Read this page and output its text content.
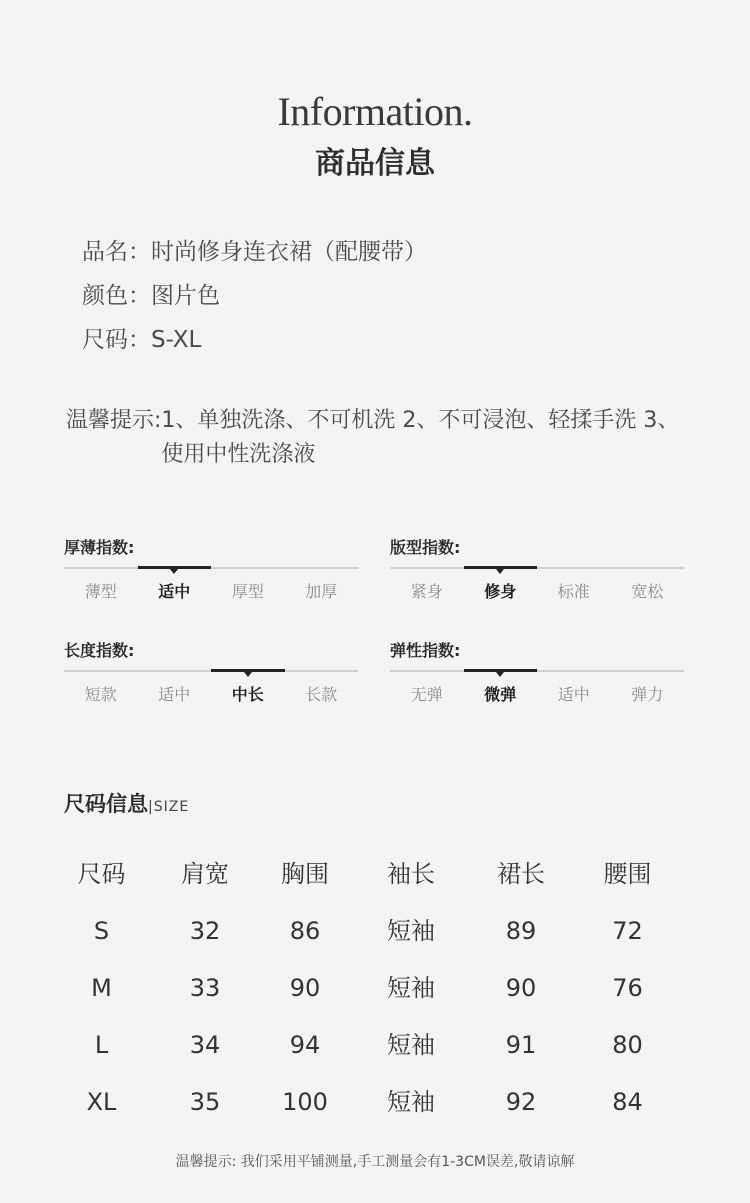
Information.
商品信息
品名：时尚修身连衣裙（配腰带）
颜色：图片色
尺码：S-XL
温馨提示: 1、单独洗涤、不可机洗 2、不可浸泡、轻揉手洗 3、使用中性洗涤液
厚薄指数:
薄型	适中	厚型	加厚
版型指数:
紧身	修身	标准	宽松
长度指数:
短款	适中	中长	长款
弹性指数:
无弹	微弹	适中	弹力
尺码信息|SIZE
尺码	肩宽	胸围	袖长	裙长	腰围
S	32	86	短袖	89	72
M	33	90	短袖	90	76
L	34	94	短袖	91	80
XL	35	100	短袖	92	84
温馨提示: 我们采用平铺测量,手工测量会有1-3CM误差,敬请谅解
